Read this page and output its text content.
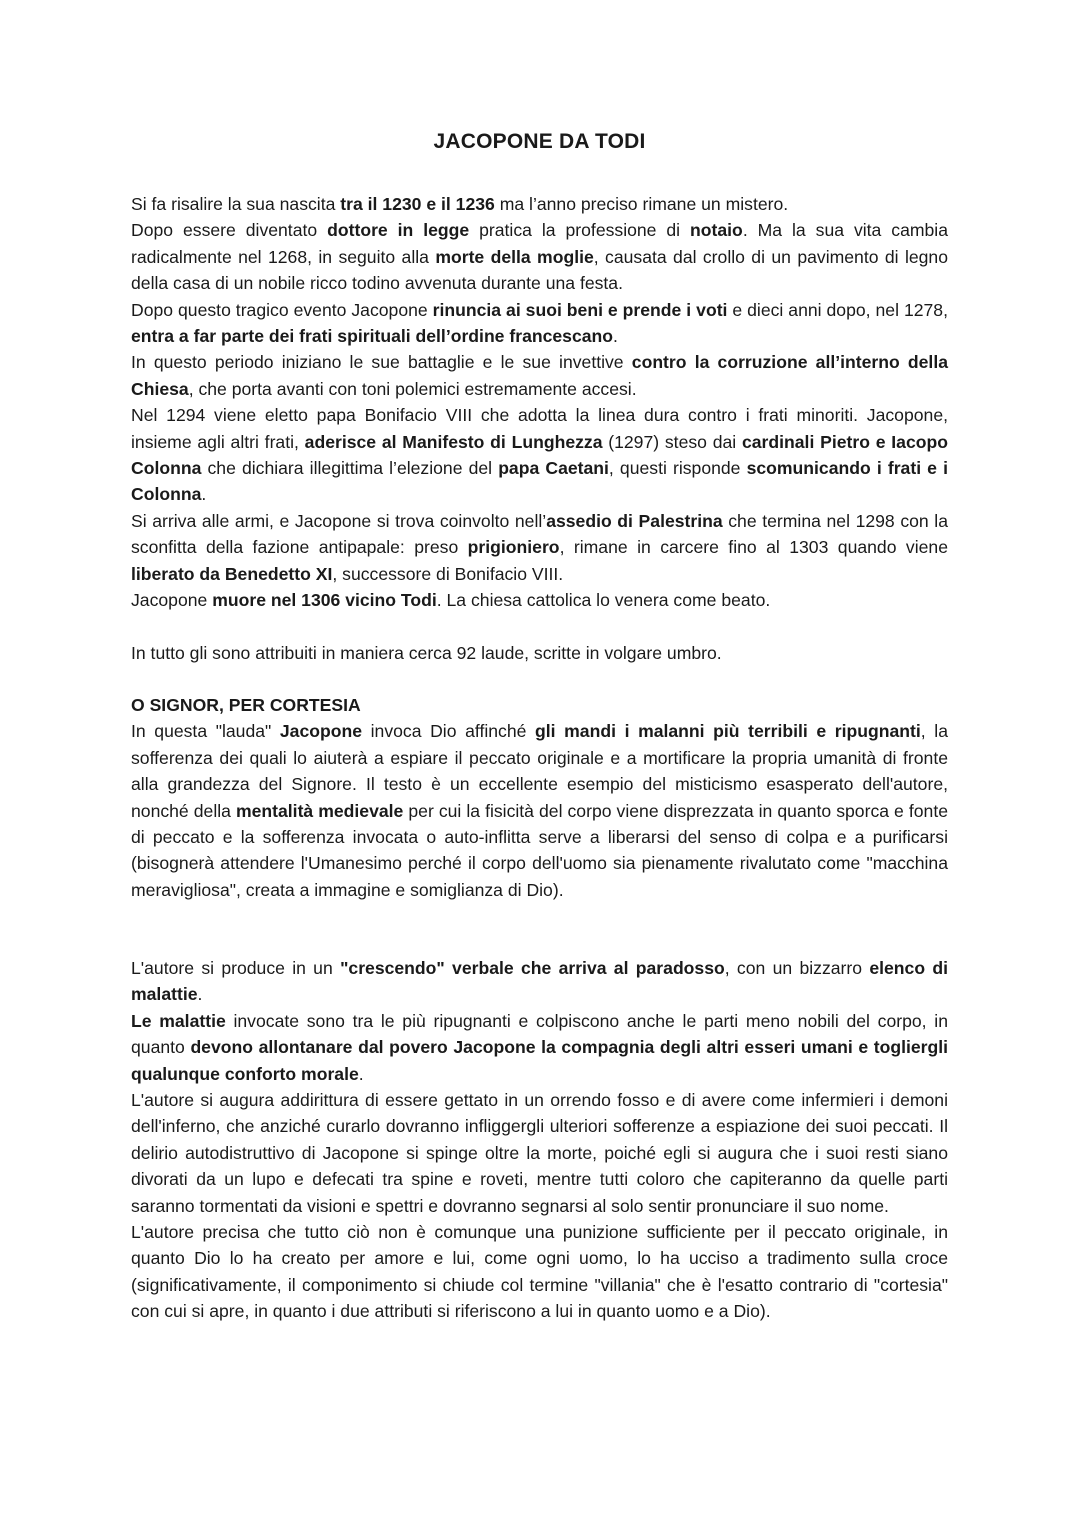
JACOPONE DA TODI

Si fa risalire la sua nascita tra il 1230 e il 1236 ma l’anno preciso rimane un mistero.

Dopo essere diventato dottore in legge pratica la professione di notaio. Ma la sua vita cambia radicalmente nel 1268, in seguito alla morte della moglie, causata dal crollo di un pavimento di legno della casa di un nobile ricco todino avvenuta durante una festa.

Dopo questo tragico evento Jacopone rinuncia ai suoi beni e prende i voti e dieci anni dopo, nel 1278, entra a far parte dei frati spirituali dell’ordine francescano.

In questo periodo iniziano le sue battaglie e le sue invettive contro la corruzione all’interno della Chiesa, che porta avanti con toni polemici estremamente accesi.

Nel 1294 viene eletto papa Bonifacio VIII che adotta la linea dura contro i frati minoriti. Jacopone, insieme agli altri frati, aderisce al Manifesto di Lunghezza (1297) steso dai cardinali Pietro e Iacopo Colonna che dichiara illegittima l’elezione del papa Caetani, questi risponde scomunicando i frati e i Colonna.

Si arriva alle armi, e Jacopone si trova coinvolto nell’assedio di Palestrina che termina nel 1298 con la sconfitta della fazione antipapale: preso prigioniero, rimane in carcere fino al 1303 quando viene liberato da Benedetto XI, successore di Bonifacio VIII.

Jacopone muore nel 1306 vicino Todi. La chiesa cattolica lo venera come beato.

In tutto gli sono attribuiti in maniera cerca 92 laude, scritte in volgare umbro.

O SIGNOR, PER CORTESIA

In questa "lauda" Jacopone invoca Dio affinché gli mandi i malanni più terribili e ripugnanti, la sofferenza dei quali lo aiuterà a espiare il peccato originale e a mortificare la propria umanità di fronte alla grandezza del Signore. Il testo è un eccellente esempio del misticismo esasperato dell'autore, nonché della mentalità medievale per cui la fisicità del corpo viene disprezzata in quanto sporca e fonte di peccato e la sofferenza invocata o auto-inflitta serve a liberarsi del senso di colpa e a purificarsi (bisognerà attendere l'Umanesimo perché il corpo dell'uomo sia pienamente rivalutato come "macchina meravigliosa", creata a immagine e somiglianza di Dio).

L'autore si produce in un "crescendo" verbale che arriva al paradosso, con un bizzarro elenco di malattie.

Le malattie invocate sono tra le più ripugnanti e colpiscono anche le parti meno nobili del corpo, in quanto devono allontanare dal povero Jacopone la compagnia degli altri esseri umani e togliergli qualunque conforto morale.

L'autore si augura addirittura di essere gettato in un orrendo fosso e di avere come infermieri i demoni dell'inferno, che anziché curarlo dovranno infliggergli ulteriori sofferenze a espiazione dei suoi peccati. Il delirio autodistruttivo di Jacopone si spinge oltre la morte, poiché egli si augura che i suoi resti siano divorati da un lupo e defecati tra spine e roveti, mentre tutti coloro che capiteranno da quelle parti saranno tormentati da visioni e spettri e dovranno segnarsi al solo sentir pronunciare il suo nome.

L'autore precisa che tutto ciò non è comunque una punizione sufficiente per il peccato originale, in quanto Dio lo ha creato per amore e lui, come ogni uomo, lo ha ucciso a tradimento sulla croce (significativamente, il componimento si chiude col termine "villania" che è l'esatto contrario di "cortesia" con cui si apre, in quanto i due attributi si riferiscono a lui in quanto uomo e a Dio).
